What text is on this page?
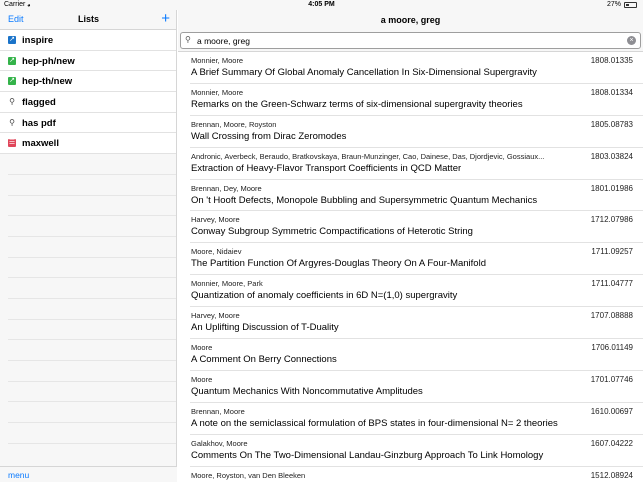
Carrier ◕	4:05 PM	27%
Edit	Lists	+
↗ inspire
↗ hep-ph/new
↗ hep-th/new
⚲ flagged
⚲ has pdf
☰ maxwell
menu
a moore, greg
⚲
a moore, greg	×
Monnier, Moore	1808.01335
A Brief Summary Of Global Anomaly Cancellation In Six-Dimensional Supergravity
Monnier, Moore	1808.01334
Remarks on the Green-Schwarz terms of six-dimensional supergravity theories
Brennan, Moore, Royston	1805.08783
Wall Crossing from Dirac Zeromodes
Andronic, Averbeck, Beraudo, Bratkovskaya, Braun-Munzinger, Cao, Dainese, Das, Djordjevic, Gossiaux...	1803.03824
Extraction of Heavy-Flavor Transport Coefficients in QCD Matter
Brennan, Dey, Moore	1801.01986
On 't Hooft Defects, Monopole Bubbling and Supersymmetric Quantum Mechanics
Harvey, Moore	1712.07986
Conway Subgroup Symmetric Compactifications of Heterotic String
Moore, Nidaiev	1711.09257
The Partition Function Of Argyres-Douglas Theory On A Four-Manifold
Monnier, Moore, Park	1711.04777
Quantization of anomaly coefficients in 6D N=(1,0) supergravity
Harvey, Moore	1707.08888
An Uplifting Discussion of T-Duality
Moore	1706.01149
A Comment On Berry Connections
Moore	1701.07746
Quantum Mechanics With Noncommutative Amplitudes
Brennan, Moore	1610.00697
A note on the semiclassical formulation of BPS states in four-dimensional N= 2 theories
Galakhov, Moore	1607.04222
Comments On The Two-Dimensional Landau-Ginzburg Approach To Link Homology
Moore, Royston, van Den Bleeken	1512.08924
